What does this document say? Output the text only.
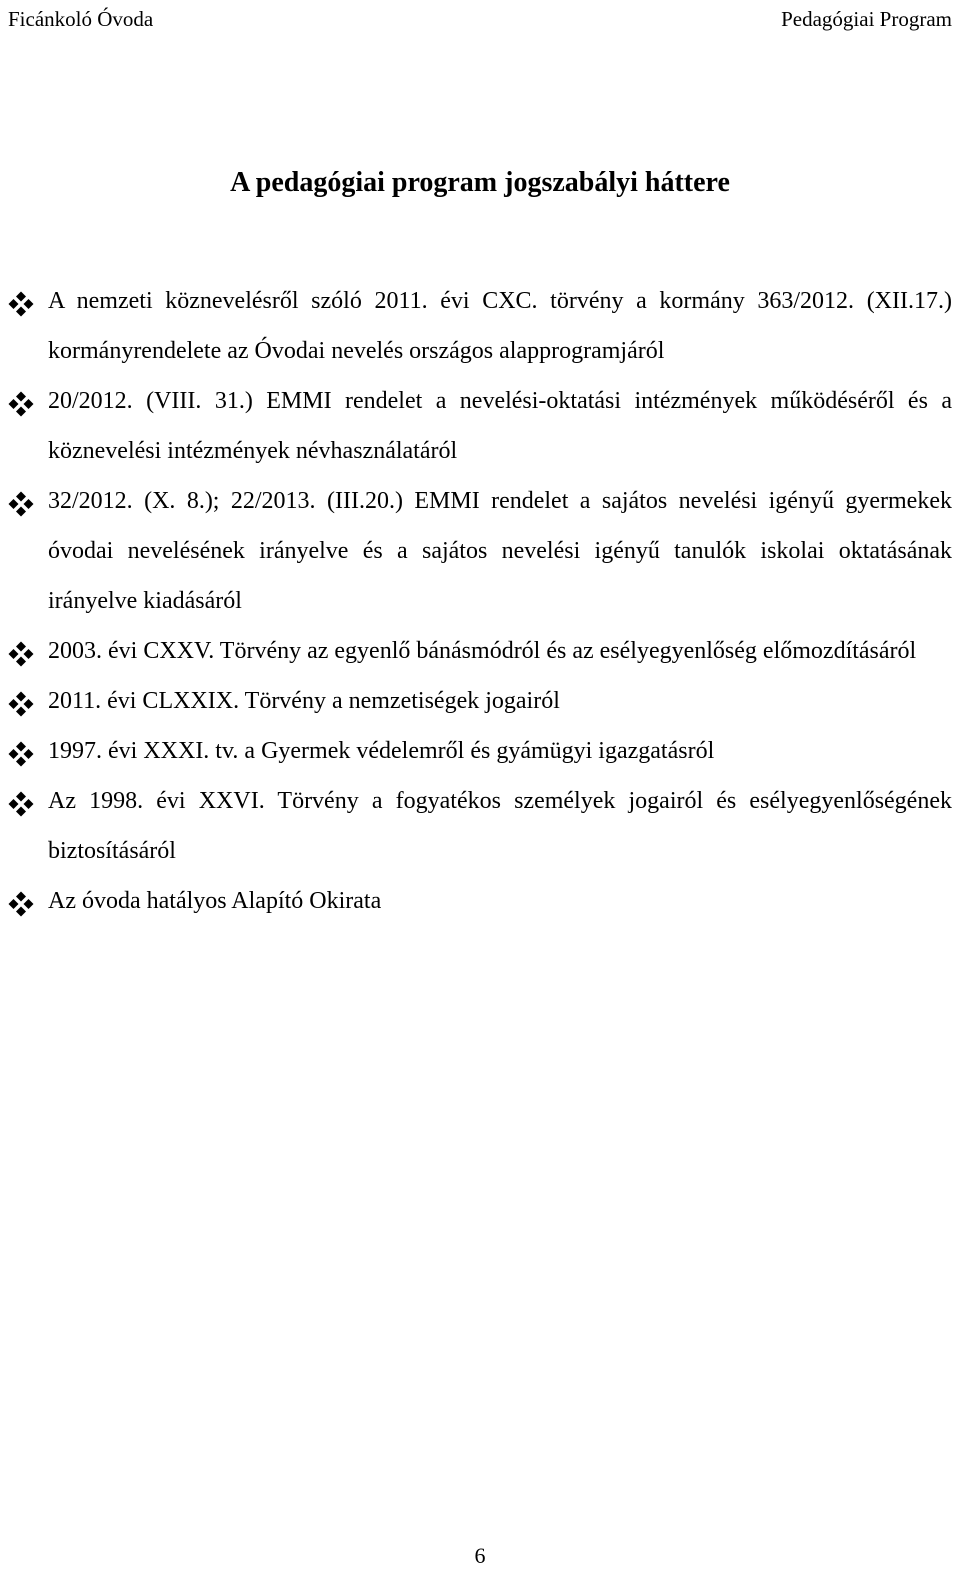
Ficánkoló Óvoda	Pedagógiai Program
A pedagógiai program jogszabályi háttere
A nemzeti köznevelésről szóló 2011. évi CXC. törvény a kormány 363/2012. (XII.17.) kormányrendelete az Óvodai nevelés országos alapprogramjáról
20/2012. (VIII. 31.) EMMI rendelet a nevelési-oktatási intézmények működéséről és a köznevelési intézmények névhasználatáról
32/2012. (X. 8.); 22/2013. (III.20.) EMMI rendelet a sajátos nevelési igényű gyermekek óvodai nevelésének irányelve és a sajátos nevelési igényű tanulók iskolai oktatásának irányelve kiadásáról
2003. évi CXXV. Törvény az egyenlő bánásmódról és az esélyegyenlőség előmozdításáról
2011. évi CLXXIX. Törvény a nemzetiségek jogairól
1997. évi XXXI. tv. a Gyermek védelemről és gyámügyi igazgatásról
Az 1998. évi XXVI. Törvény a fogyatékos személyek jogairól és esélyegyenlőségének biztosításáról
Az óvoda hatályos Alapító Okirata
6
